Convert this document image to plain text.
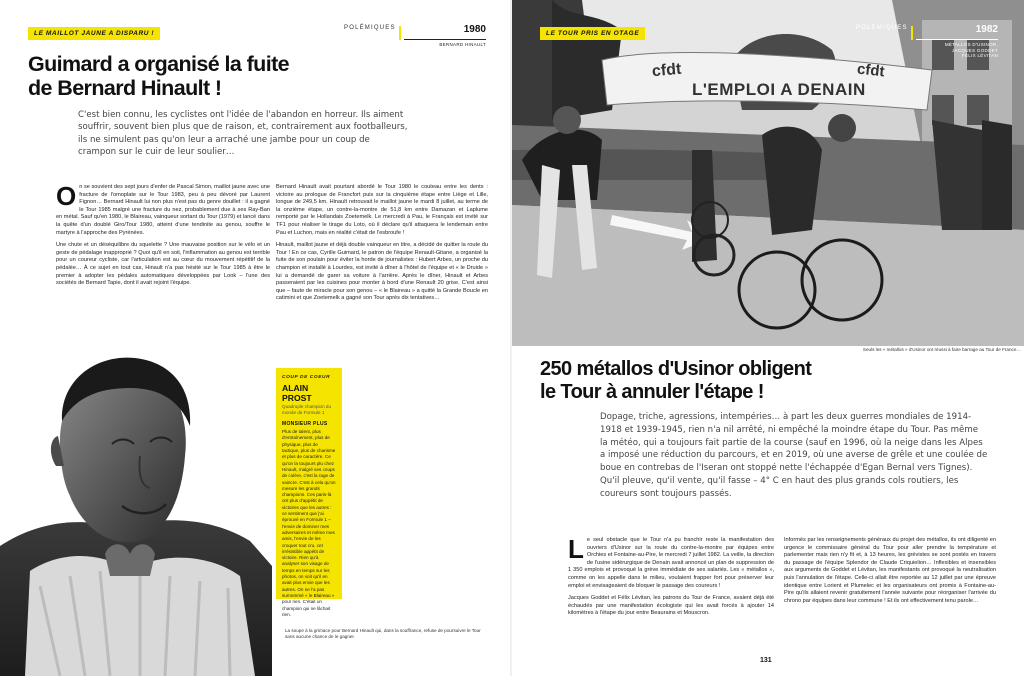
LE MAILLOT JAUNE A DISPARU !
POLÉMIQUES	1980
BERNARD HINAULT
Guimard a organisé la fuite
de Bernard Hinault !
C'est bien connu, les cyclistes ont l'idée de l'abandon en horreur. Ils aiment souffrir, souvent bien plus que de raison, et, contrairement aux footballeurs, ils ne simulent pas qu'on leur a arraché une jambe pour un coup de crampon sur le cuir de leur soulier…

On se souvient des sept jours d'enfer de Pascal Simon, maillot jaune avec une fracture de l'omoplate sur le Tour 1983, peu à peu dévoré par Laurent Fignon… Bernard Hinault lui non plus n'est pas du genre douillet : il a gagné le Tour 1985 malgré une fracture du nez, probablement due à ses Ray-Ban en métal. Sauf qu'en 1980, le Blaireau, vainqueur sortant du Tour (1979) et lancé dans la quête d'un doublé Giro/Tour 1980, atteint d'une tendinite au genou, souffre le martyre à l'approche des Pyrénées.

Une chute et un déséquilibre du squelette ? Une mauvaise position sur le vélo et un geste de pédalage inapproprié ? Quoi qu'il en soit, l'inflammation au genou est terrible pour un coureur cycliste, car l'articulation est au cœur du mouvement répétitif de la pédalée… À ce sujet en tout cas, Hinault n'a pas hésité sur le Tour 1985 à être le premier à adopter les pédales automatiques développées par Look – l'une des sociétés de Bernard Tapie, dont il avait rejoint l'équipe.

Bernard Hinault avait pourtant abordé le Tour 1980 le couteau entre les dents : victoire au prologue de Francfort puis sur la cinquième étape entre Liège et Lille, longue de 249,5 km. Hinault retrouvait le maillot jaune le mardi 8 juillet, au terme de la onzième étape, un contre-la-montre de 51,8 km entre Damazan et Laplume remporté par le Hollandais Zoetemelk. Le mercredi à Pau, le Français est invité sur TF1 pour réaliser le tirage du Loto, où il déclare qu'il attaquera le lendemain entre Pau et Luchon, mais en réalité c'était de l'esbroufe !

Hinault, maillot jaune et déjà double vainqueur en titre, a décidé de quitter la route du Tour ! En ce cas, Cyrille Guimard, le patron de l'équipe Renault-Gitane, a organisé la fuite de son poulain pour éviter la horde de journalistes : Hubert Arbes, un proche du champion et installé à Lourdes, est invité à dîner à l'hôtel de l'équipe et « le Druide » lui a demandé de garer sa voiture à l'arrière. Après le dîner, Hinault et Arbes passeraient par les cuisines pour monter à bord d'une Renault 20 grise. C'est ainsi que – faute de miracle pour son genou – « le Blaireau » a quitté la Grande Boucle en catimini et que Zoetemelk a gagné son Tour après dix tentatives…

La soupe à la grimace pour Bernard Hinault qui, dans la souffrance, refuse de poursuivre le Tour sans aucune chance de le gagner.
COUP DE COEUR
ALAIN PROST
Quadruple champion du monde de Formule 1
MONSIEUR PLUS
Plus de talent, plus d'entraînement, plus de physique, plus de tactique, plus de charisme et plus de caractère. Ce qu'on la toujours plu chez Hinault, malgré ses coups de colère, c'est la rage de vaincre. C'est à cela qu'on mesure les grands champions. Ces paris-là ont plus d'appétit de victoires que les autres : ce sentiment que j'ai éprouvé en Formule 1 – l'envie de dominer mes adversaires et même mes amis, l'envie de les croquer tout cru, cet irrésistible appétit de victoire. Rien qu'à analyser son visage de temps en temps sur les photos, on voit qu'il en avait plus envie que les autres. On ne l'a pas surnommé « le Blaireau » pour rien. C'était un champion qui ne lâchait rien.
cfdt	cfdt
L'EMPLOI A DENAIN
LE TOUR PRIS EN OTAGE
POLÉMIQUES	1982
MÉTALLOS D'USINOR,
JACQUES GODDET
FÉLIX LÉVITAN
Seuls les « métallos » d'Usinor ont réussi à faire barrage au Tour de France…
250 métallos d'Usinor obligent
le Tour à annuler l'étape !
Dopage, triche, agressions, intempéries… à part les deux guerres mondiales de 1914-1918 et 1939-1945, rien n'a nil arrêté, ni empêché la moindre étape du Tour. Pas même la météo, qui a toujours fait partie de la course (sauf en 1996, où la neige dans les Alpes a imposé une réduction du parcours, et en 2019, où une averse de grêle et une coulée de boue en contrebas de l'Iseran ont stoppé nette l'échappée d'Egan Bernal vers Tignes). Qu'il pleuve, qu'il vente, qu'il fasse – 4° C en haut des plus grands cols routiers, les coureurs sont toujours passés.

Le seul obstacle que le Tour n'a pu franchir reste la manifestation des ouvriers d'Usinor sur la route du contre-la-montre par équipes entre Orchies et Fontaine-au-Pire, le mercredi 7 juillet 1982. La veille, la direction de l'usine sidérurgique de Denain avait annoncé un plan de suppression de 1 350 emplois et provoqué la grève immédiate de ses salariés. Les « métallos », comme on les appelle dans le milieu, voulaient frapper fort pour préserver leur emploi et envisageaient de bloquer le passage des coureurs !

Jacques Goddet et Félix Lévitan, les patrons du Tour de France, avaient déjà été échaudés par une manifestation écologiste qui les avait forcés à ajouter 14 kilomètres à l'étape du jour entre Beaurains et Mouscron.

Informés par les renseignements généraux du projet des métallos, ils ont diligenté en urgence le commissaire général du Tour pour aller prendre la température et parlementer mais rien n'y fit et, à 13 heures, les grévistes se sont postés en travers du passage de l'équipe Splendor de Claude Criquielion… Inflexibles et insensibles aux arguments de Goddet et Lévitan, les manifestants ont provoqué la neutralisation puis l'annulation de l'étape. Celle-ci allait être reportée au 12 juillet par une épreuve identique entre Lorient et Plumelec et les organisateurs ont promis à Fontaine-au-Pire qu'ils allaient revenir gratuitement l'année suivante pour réorganiser l'arrivée du chrono par équipes dans leur commune ! Et ils ont effectivement tenu parole…

131
